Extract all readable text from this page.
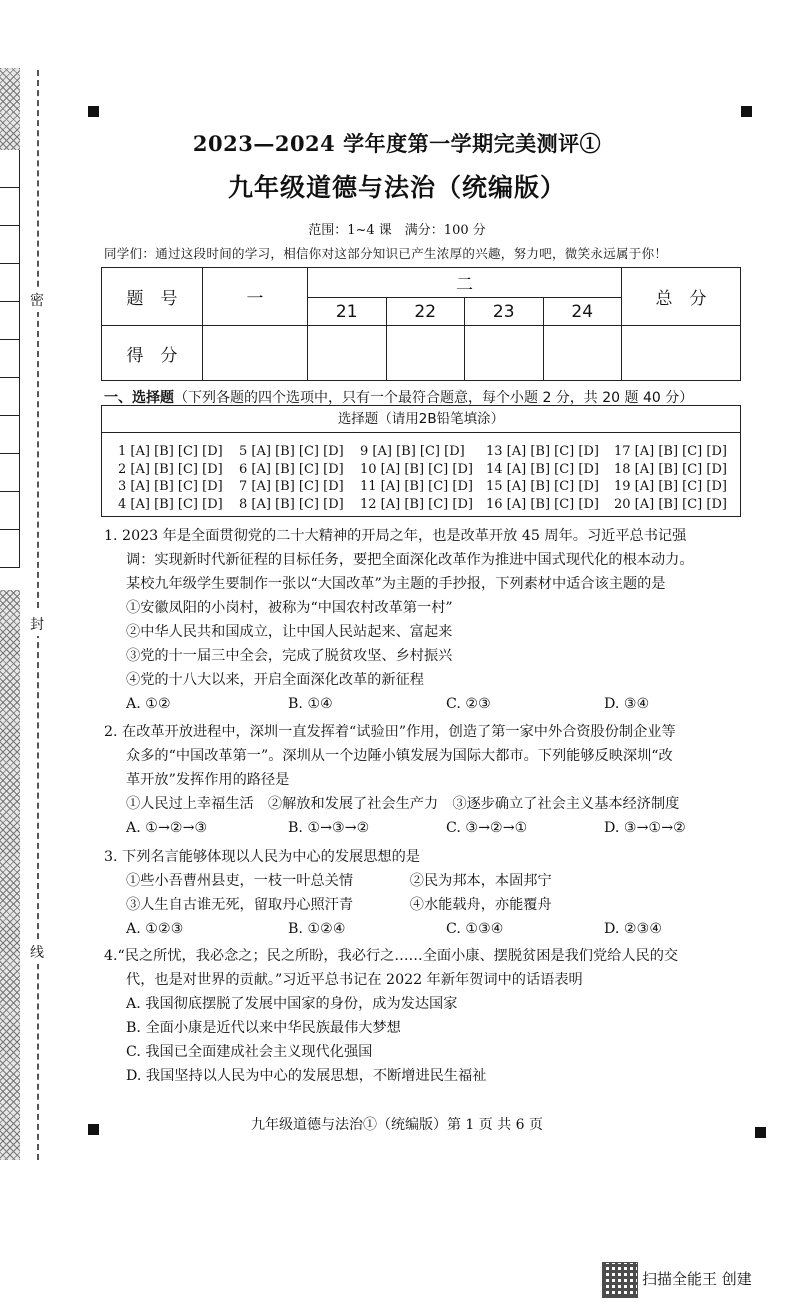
密
封
线
2023—2024 学年度第一学期完美测评①
九年级道德与法治（统编版）
范围：1~4 课　满分：100 分
同学们：通过这段时间的学习，相信你对这部分知识已产生浓厚的兴趣，努力吧，微笑永远属于你！
题　号	一	二				总　分
		21	22	23	24	
得　分						
一、选择题（下列各题的四个选项中，只有一个最符合题意，每个小题 2 分，共 20 题 40 分）
选择题（请用2B铅笔填涂）
1 [A] [B] [C] [D]
2 [A] [B] [C] [D]
3 [A] [B] [C] [D]
4 [A] [B] [C] [D]
5 [A] [B] [C] [D]
6 [A] [B] [C] [D]
7 [A] [B] [C] [D]
8 [A] [B] [C] [D]
9 [A] [B] [C] [D]
10 [A] [B] [C] [D]
11 [A] [B] [C] [D]
12 [A] [B] [C] [D]
13 [A] [B] [C] [D]
14 [A] [B] [C] [D]
15 [A] [B] [C] [D]
16 [A] [B] [C] [D]
17 [A] [B] [C] [D]
18 [A] [B] [C] [D]
19 [A] [B] [C] [D]
20 [A] [B] [C] [D]
1. 2023 年是全面贯彻党的二十大精神的开局之年，也是改革开放 45 周年。习近平总书记强
调：实现新时代新征程的目标任务，要把全面深化改革作为推进中国式现代化的根本动力。
某校九年级学生要制作一张以“大国改革”为主题的手抄报，下列素材中适合该主题的是
①安徽凤阳的小岗村，被称为“中国农村改革第一村”
②中华人民共和国成立，让中国人民站起来、富起来
③党的十一届三中全会，完成了脱贫攻坚、乡村振兴
④党的十八大以来，开启全面深化改革的新征程
A. ①②	B. ①④	C. ②③	D. ③④
2. 在改革开放进程中，深圳一直发挥着“试验田”作用，创造了第一家中外合资股份制企业等
众多的“中国改革第一”。深圳从一个边陲小镇发展为国际大都市。下列能够反映深圳“改
革开放”发挥作用的路径是
①人民过上幸福生活　②解放和发展了社会生产力　③逐步确立了社会主义基本经济制度
A. ①→②→③	B. ①→③→②	C. ③→②→①	D. ③→①→②
3. 下列名言能够体现以人民为中心的发展思想的是
①些小吾曹州县吏，一枝一叶总关情　　　　②民为邦本，本固邦宁
③人生自古谁无死，留取丹心照汗青　　　　④水能载舟，亦能覆舟
A. ①②③	B. ①②④	C. ①③④	D. ②③④
4.“民之所忧，我必念之；民之所盼，我必行之……全面小康、摆脱贫困是我们党给人民的交
代，也是对世界的贡献。”习近平总书记在 2022 年新年贺词中的话语表明
A. 我国彻底摆脱了发展中国家的身份，成为发达国家
B. 全面小康是近代以来中华民族最伟大梦想
C. 我国已全面建成社会主义现代化强国
D. 我国坚持以人民为中心的发展思想，不断增进民生福祉
九年级道德与法治①（统编版）第 1 页 共 6 页
扫描全能王 创建
